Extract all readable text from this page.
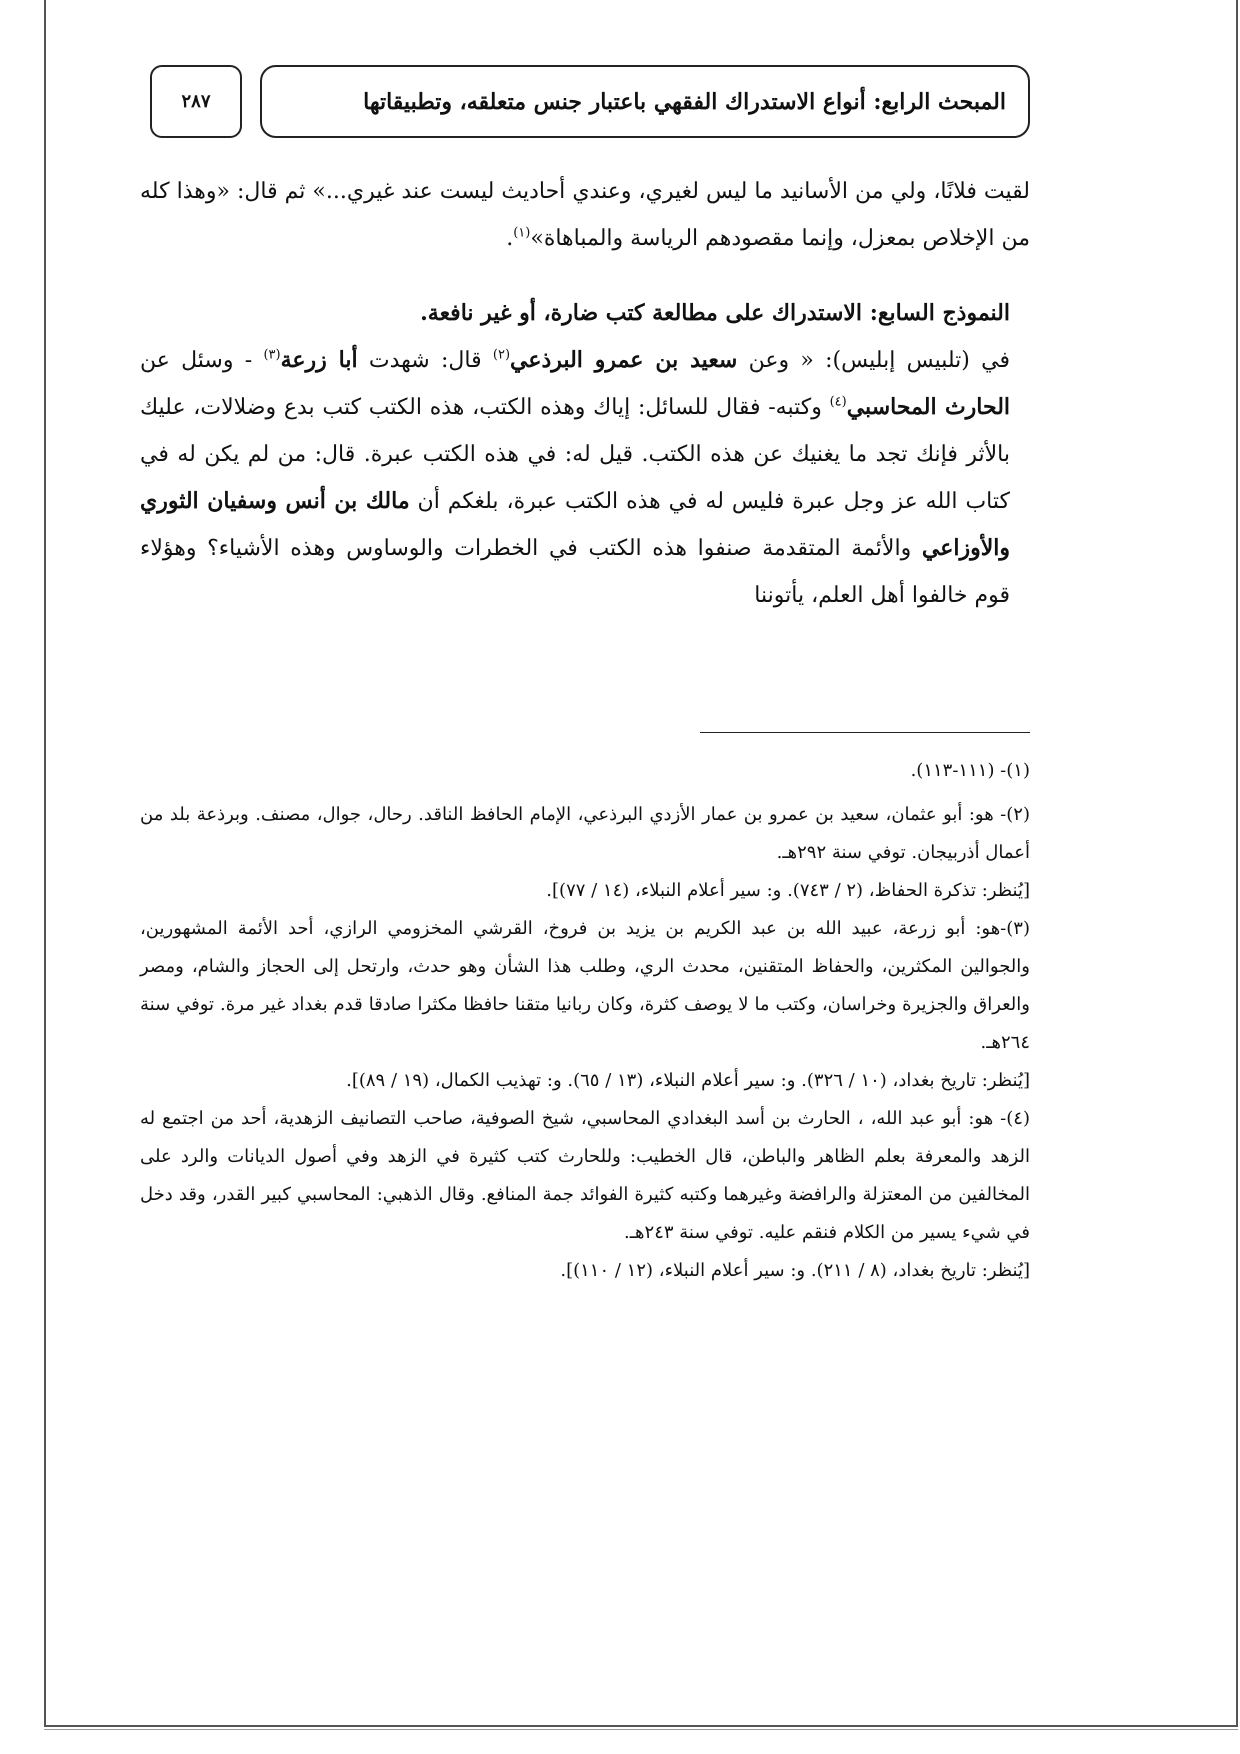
المبحث الرابع: أنواع الاستدراك الفقهي باعتبار جنس متعلقه، وتطبيقاتها
٢٨٧

لقيت فلانًا، ولي من الأسانيد ما ليس لغيري، وعندي أحاديث ليست عند غيري...» ثم قال: «وهذا كله من الإخلاص بمعزل، وإنما مقصودهم الرياسة والمباهاة»$^{(١)}$.

النموذج السابع: الاستدراك على مطالعة كتب ضارة، أو غير نافعة.

في (تلبيس إبليس): « وعن سعيد بن عمرو البرذعي$^{(٢)}$ قال: شهدت أبا زرعة$^{(٣)}$ - وسئل عن الحارث المحاسبي$^{(٤)}$ وكتبه- فقال للسائل: إياك وهذه الكتب، هذه الكتب كتب بدع وضلالات، عليك بالأثر فإنك تجد ما يغنيك عن هذه الكتب. قيل له: في هذه الكتب عبرة. قال: من لم يكن له في كتاب الله عز وجل عبرة فليس له في هذه الكتب عبرة، بلغكم أن مالك بن أنس وسفيان الثوري والأوزاعي والأئمة المتقدمة صنفوا هذه الكتب في الخطرات والوساوس وهذه الأشياء؟ وهؤلاء قوم خالفوا أهل العلم، يأتوننا

(١)- (١١١-١١٣).

(٢)- هو: أبو عثمان، سعيد بن عمرو بن عمار الأزدي البرذعي، الإمام الحافظ الناقد. رحال، جوال، مصنف. وبرذعة بلد من أعمال أذربيجان. توفي سنة ٢٩٢هـ.

[يُنظر: تذكرة الحفاظ، (٢ / ٧٤٣). و: سير أعلام النبلاء، (١٤ / ٧٧)].

(٣)-هو: أبو زرعة، عبيد الله بن عبد الكريم بن يزيد بن فروخ، القرشي المخزومي الرازي، أحد الأئمة المشهورين، والجوالين المكثرين، والحفاظ المتقنين، محدث الري، وطلب هذا الشأن وهو حدث، وارتحل إلى الحجاز والشام، ومصر والعراق والجزيرة وخراسان، وكتب ما لا يوصف كثرة، وكان ربانيا متقنا حافظا مكثرا صادقا قدم بغداد غير مرة. توفي سنة ٢٦٤هـ.

[يُنظر: تاريخ بغداد، (١٠ / ٣٢٦). و: سير أعلام النبلاء، (١٣ / ٦٥). و: تهذيب الكمال، (١٩ / ٨٩)].

(٤)- هو: أبو عبد الله، ، الحارث بن أسد البغدادي المحاسبي، شيخ الصوفية، صاحب التصانيف الزهدية، أحد من اجتمع له الزهد والمعرفة بعلم الظاهر والباطن، قال الخطيب: وللحارث كتب كثيرة في الزهد وفي أصول الديانات والرد على المخالفين من المعتزلة والرافضة وغيرهما وكتبه كثيرة الفوائد جمة المنافع. وقال الذهبي: المحاسبي كبير القدر، وقد دخل في شيء يسير من الكلام فنقم عليه. توفي سنة ٢٤٣هـ.

[يُنظر: تاريخ بغداد، (٨ / ٢١١). و: سير أعلام النبلاء، (١٢ / ١١٠)].
